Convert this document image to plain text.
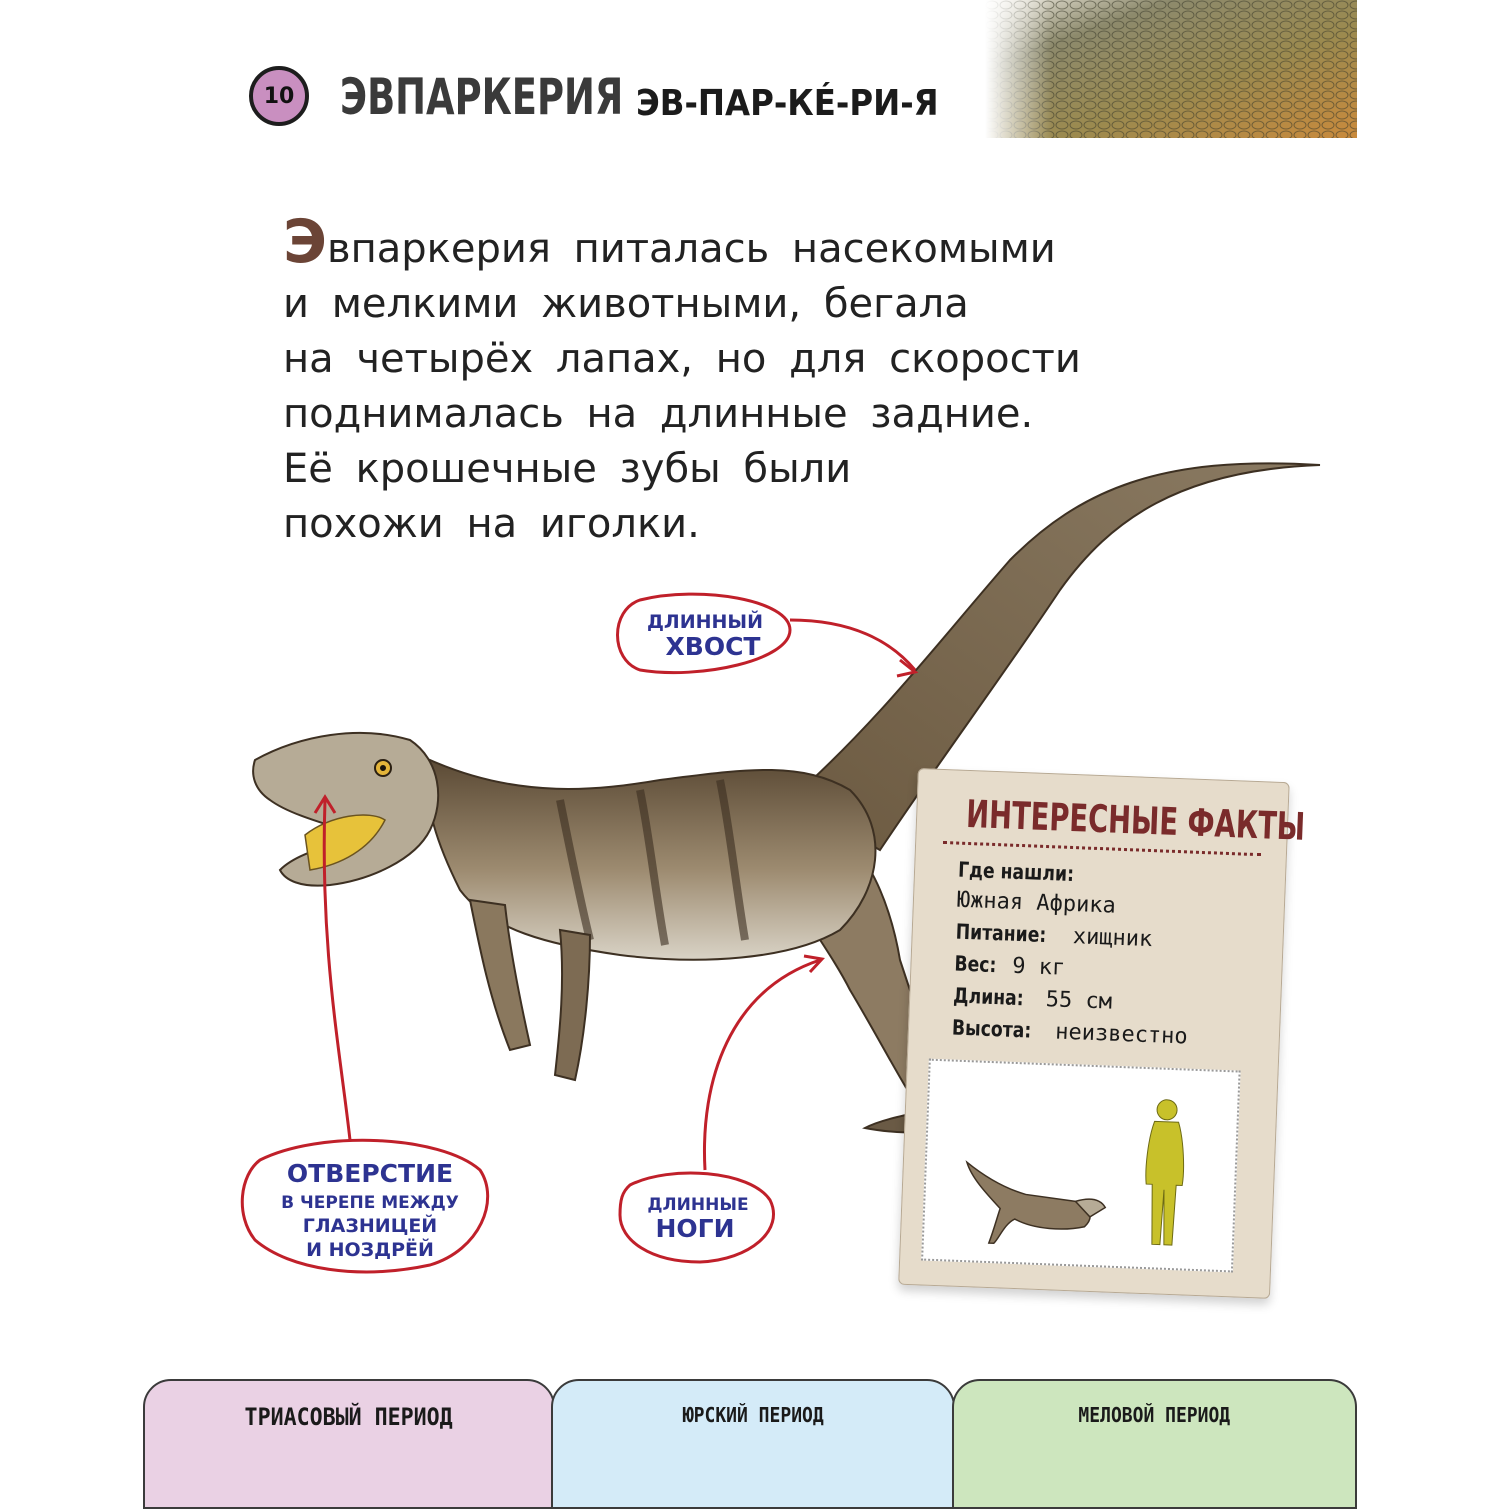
10 ЭВПАРКЕРИЯ ЭВ-ПАР-КÉ-РИ-Я

Эвпаркерия питалась насекомыми
и мелкими животными, бегала
на четырёх лапах, но для скорости
поднималась на длинные задние.
Её крошечные зубы были
похожи на иголки.

ДЛИННЫЙ
ХВОСТ
ОТВЕРСТИЕ
В ЧЕРЕПЕ МЕЖДУ
ГЛАЗНИЦЕЙ
И НОЗДРЁЙ
ДЛИННЫЕ
НОГИ
ИНТЕРЕСНЫЕ ФАКТЫ
Где нашли:
Южная Африка
Питание: хищник
Вес: 9 кг
Длина: 55 см
Высота: неизвестно
ТРИАСОВЫЙ ПЕРИОД	ЮРСКИЙ ПЕРИОД	МЕЛОВОЙ ПЕРИОД
